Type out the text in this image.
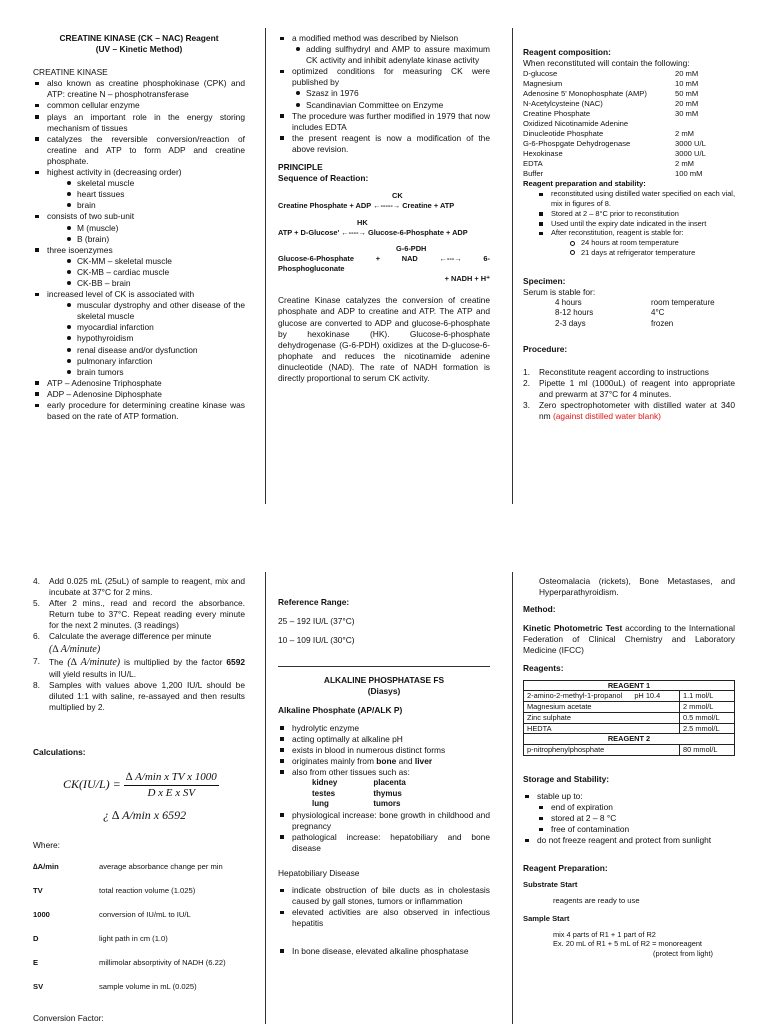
CREATINE KINASE (CK – NAC) Reagent
(UV – Kinetic Method)
CREATINE KINASE
also known as creatine phosphokinase (CPK) and ATP: creatine N – phosphotransferase
common cellular enzyme
plays an important role in the energy storing mechanism of tissues
catalyzes the reversible conversion/reaction of creatine and ATP to form ADP and creatine phosphate.
highest activity in (decreasing order)
skeletal muscle
heart tissues
brain
consists of two sub-unit
M (muscle)
B (brain)
three isoenzymes
CK-MM – skeletal muscle
CK-MB – cardiac muscle
CK-BB – brain
increased level of CK is associated with
muscular dystrophy and other disease of the skeletal muscle
myocardial infarction
hypothyroidism
renal disease and/or dysfunction
pulmonary infarction
brain tumors
ATP – Adenosine Triphosphate
ADP – Adenosine Diphosphate
early procedure for determining creatine kinase was based on the rate of ATP formation.
a modified method was described by Nielson
adding sulfhydryl and AMP to assure maximum CK activity and inhibit adenylate kinase activity
optimized conditions for measuring CK were published by
Szasz in 1976
Scandinavian Committee on Enzyme
The procedure was further modified in 1979 that now includes EDTA
the present reagent is now a modification of the above revision.
PRINCIPLE
Sequence of Reaction:
CK
Creatine Phosphate + ADP ←-----→ Creatine + ATP
HK
ATP + D-Glucose' ←----→ Glucose-6-Phosphate + ADP
G-6-PDH
Glucose-6-Phosphate	+	NAD	←---→	6-
Phosphogluconate
+ NADH + H⁺
Creatine Kinase catalyzes the conversion of creatine phosphate and ADP to creatine and ATP. The ATP and glucose are converted to ADP and glucose-6-phosphate by hexokinase (HK). Glucose-6-phosphate dehydrogenase (G-6-PDH) oxidizes at the D-glucose-6-phophate and reduces the nicotinamide adenine dinucleotide (NAD). The rate of NADH formation is directly proportional to serum CK activity.
Reagent composition:
When reconstituted will contain the following:
D-glucose	20 mM
Magnesium	10 mM
Adenosine 5' Monophosphate (AMP)	50 mM
N-Acetylcysteine (NAC)	20 mM
Creatine Phosphate	30 mM
Oxidized Nicotinamide Adenine	
Dinucleotide Phosphate	2 mM
G-6-Phospgate Dehydrogenase	3000 U/L
Hexokinase	3000 U/L
EDTA	2 mM
Buffer	100 mM
Reagent preparation and stability:
reconstituted using distilled water specified on each vial, mix in figures of 8.
Stored at 2 – 8°C prior to reconstitution
Used until the expiry date indicated in the insert
After reconstitution, reagent is stable for:
24 hours at room temperature
21 days at refrigerator temperature
Specimen:
Serum is stable for:
4 hours	room temperature
8-12 hours	4°C
2-3 days	frozen
Procedure:
1. Reconstitute reagent according to instructions
2. Pipette 1 ml (1000uL) of reagent into appropriate and prewarm at 37°C for 4 minutes.
3. Zero spectrophotometer with distilled water at 340 nm (against distilled water blank)
4. Add 0.025 mL (25uL) of sample to reagent, mix and incubate at 37°C for 2 mins.
5. After 2 mins., read and record the absorbance. Return tube to 37°C. Repeat reading every minute for the next 2 minutes. (3 readings)
6. Calculate the average difference per minute
(∆ A/minute)
7. The (∆ A/minute) is multiplied by the factor 6592 will yield results in IU/L.
8. Samples with values above 1,200 IU/L should be diluted 1:1 with saline, re-assayed and then results multiplied by 2.
Calculations:
$CK(IU/L) = \frac{\text{∆ A/min x TV x 1000}}{\text{D x E x SV}}$
¿ ∆ A/min x 6592
Where:
∆A/min	average absorbance change per min
TV	total reaction volume (1.025)
1000	conversion of IU/mL to IU/L
D	light path in cm (1.0)
E	millimolar absorptivity of NADH (6.22)
SV	sample volume in mL (0.025)
Conversion Factor:
Reference Range:
25 – 192 IU/L (37°C)
10 – 109 IU/L (30°C)
ALKALINE PHOSPHATASE FS
(Diasys)
Alkaline Phosphate (AP/ALK P)
hydrolytic enzyme
acting optimally at alkaline pH
exists in blood in numerous distinct forms
originates mainly from bone and liver
also from other tissues such as:
kidney	placenta
testes	thymus
lung	tumors
physiological increase: bone growth in childhood and pregnancy
pathological increase: hepatobiliary and bone disease
Hepatobiliary Disease
indicate obstruction of bile ducts as in cholestasis caused by gall stones, tumors or inflammation
elevated activities are also observed in infectious hepatitis
In bone disease, elevated alkaline phosphatase
Osteomalacia (rickets), Bone Metastases, and Hyperparathyroidism.
Method:
Kinetic Photometric Test according to the International Federation of Clinical Chemistry and Laboratory Medicine (IFCC)
Reagents:
REAGENT 1	
2-amino-2-methyl-1-propanol pH 10.4	1.1 mol/L
Magnesium acetate	2 mmol/L
Zinc sulphate	0.5 mmol/L
HEDTA	2.5 mmol/L
REAGENT 2	
p-nitrophenylphosphate	80 mmol/L
Storage and Stability:
stable up to:
end of expiration
stored at 2 – 8 °C
free of contamination
do not freeze reagent and protect from sunlight
Reagent Preparation:
Substrate Start
reagents are ready to use
Sample Start
mix 4 parts of R1 + 1 part of R2
Ex. 20 mL of R1 + 5 mL of R2 = monoreagent
(protect from light)
